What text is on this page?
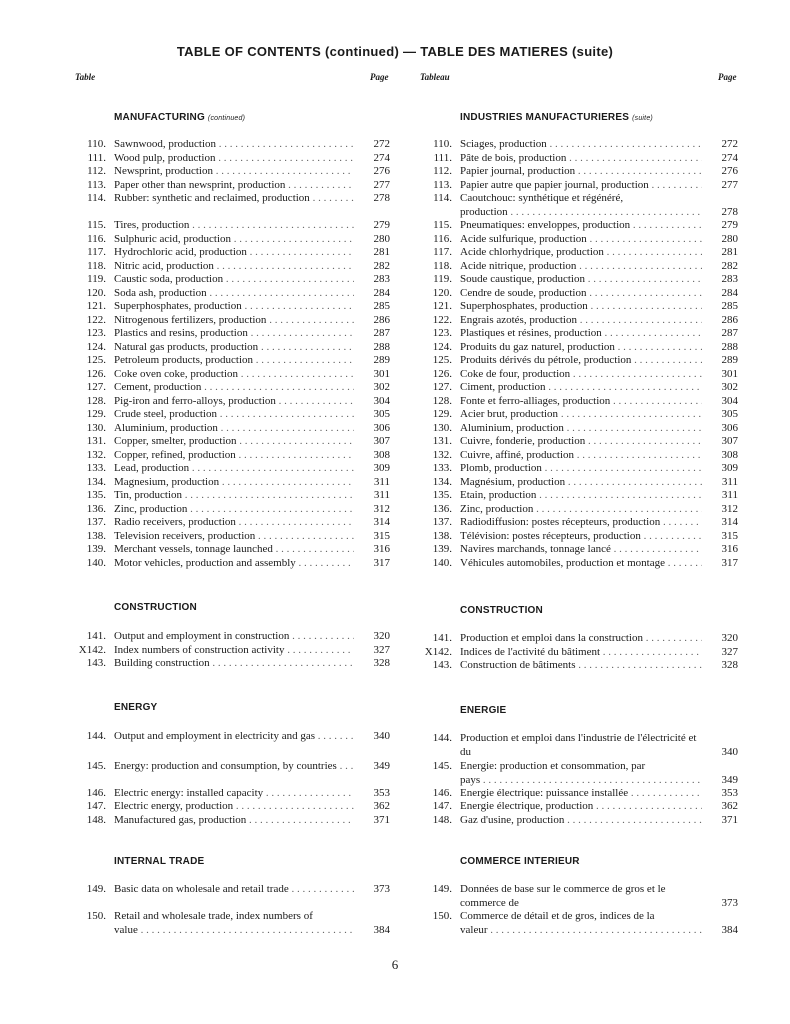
TABLE OF CONTENTS (continued) — TABLE DES MATIERES (suite)
Table	Page	Tableau	Page
MANUFACTURING (continued)
110. Sawnwood, production . . .	272
111. Wood pulp, production . . .	274
112. Newsprint, production . . .	276
113. Paper other than newsprint, production . . .	277
114. Rubber: synthetic and reclaimed, production . . .	278
115. Tires, production . . .	279
116. Sulphuric acid, production . . .	280
117. Hydrochloric acid, production . . .	281
118. Nitric acid, production . . .	282
119. Caustic soda, production . . .	283
120. Soda ash, production . . .	284
121. Superphosphates, production . . .	285
122. Nitrogenous fertilizers, production . . .	286
123. Plastics and resins, production . . .	287
124. Natural gas products, production . . .	288
125. Petroleum products, production . . .	289
126. Coke oven coke, production . . .	301
127. Cement, production . . .	302
128. Pig-iron and ferro-alloys, production . . .	304
129. Crude steel, production . . .	305
130. Aluminium, production . . .	306
131. Copper, smelter, production . . .	307
132. Copper, refined, production . . .	308
133. Lead, production . . .	309
134. Magnesium, production . . .	311
135. Tin, production . . .	311
136. Zinc, production . . .	312
137. Radio receivers, production . . .	314
138. Television receivers, production . . .	315
139. Merchant vessels, tonnage launched . . .	316
140. Motor vehicles, production and assembly . . .	317
CONSTRUCTION
141. Output and employment in construction . . .	320
X142. Index numbers of construction activity . . .	327
143. Building construction . . .	328
ENERGY
144. Output and employment in electricity and gas . . .	340
145. Energy: production and consumption, by countries . . .	349
146. Electric energy: installed capacity . . .	353
147. Electric energy, production . . .	362
148. Manufactured gas, production . . .	371
INTERNAL TRADE
149. Basic data on wholesale and retail trade . . .	373
150. Retail and wholesale trade, index numbers of value . . .	384
INDUSTRIES MANUFACTURIERES (suite)
110. Sciages, production . . .	272
111. Pâte de bois, production . . .	274
112. Papier journal, production . . .	276
113. Papier autre que papier journal, production . . .	277
114. Caoutchouc: synthétique et régénéré, production . . .	278
115. Pneumatiques: enveloppes, production . . .	279
116. Acide sulfurique, production . . .	280
117. Acide chlorhydrique, production . . .	281
118. Acide nitrique, production . . .	282
119. Soude caustique, production . . .	283
120. Cendre de soude, production . . .	284
121. Superphosphates, production . . .	285
122. Engrais azotés, production . . .	286
123. Plastiques et résines, production . . .	287
124. Produits du gaz naturel, production . . .	288
125. Produits dérivés du pétrole, production . . .	289
126. Coke de four, production . . .	301
127. Ciment, production . . .	302
128. Fonte et ferro-alliages, production . . .	304
129. Acier brut, production . . .	305
130. Aluminium, production . . .	306
131. Cuivre, fonderie, production . . .	307
132. Cuivre, affiné, production . . .	308
133. Plomb, production . . .	309
134. Magnésium, production . . .	311
135. Etain, production . . .	311
136. Zinc, production . . .	312
137. Radiodiffusion: postes récepteurs, production . . .	314
138. Télévision: postes récepteurs, production . . .	315
139. Navires marchands, tonnage lancé . . .	316
140. Véhicules automobiles, production et montage . . .	317
CONSTRUCTION
141. Production et emploi dans la construction . . .	320
X142. Indices de l'activité du bâtiment . . .	327
143. Construction de bâtiments . . .	328
ENERGIE
144. Production et emploi dans l'industrie de l'électricité et du . . .	340
145. Energie: production et consommation, par pays . . .	349
146. Energie électrique: puissance installée . . .	353
147. Energie électrique, production . . .	362
148. Gaz d'usine, production . . .	371
COMMERCE INTERIEUR
149. Données de base sur le commerce de gros et le commerce de . . .	373
150. Commerce de détail et de gros, indices de la valeur . . .	384
6
